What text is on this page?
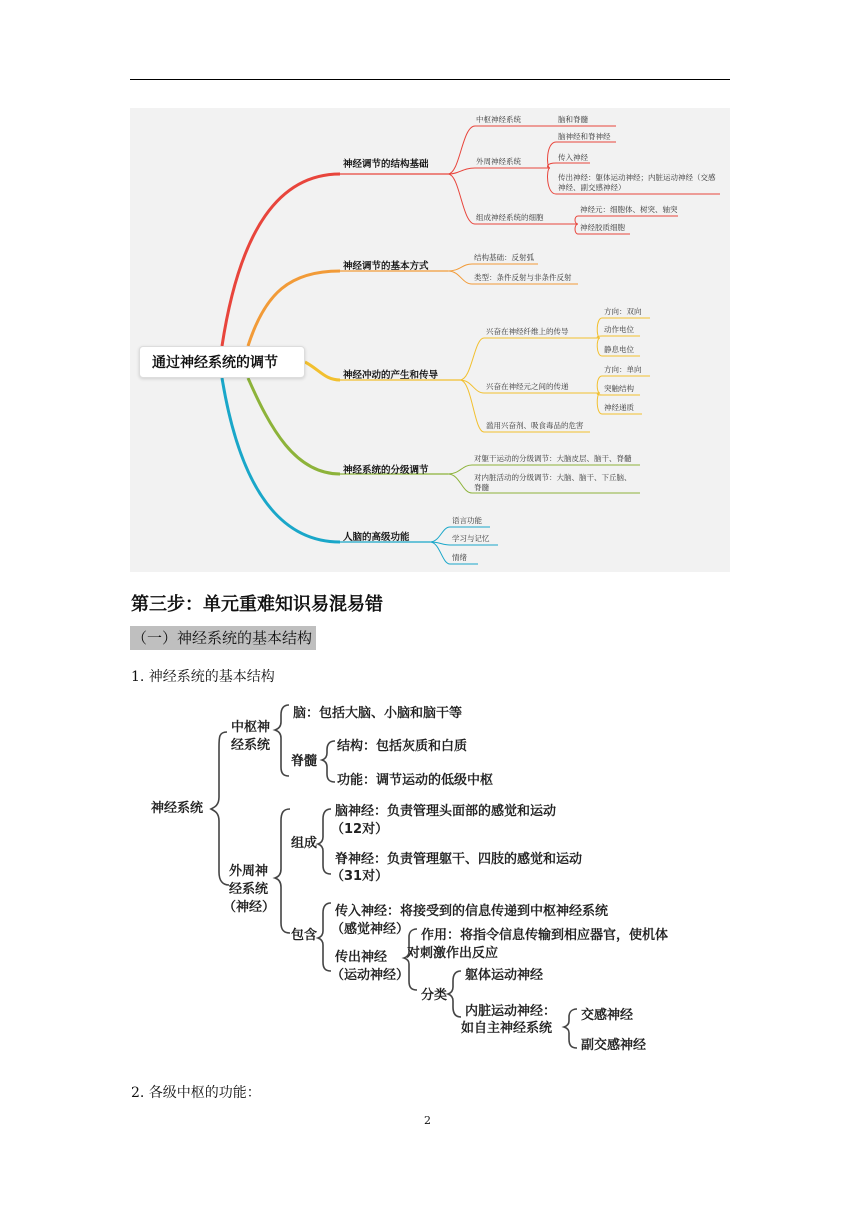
通过神经系统的调节
神经调节的结构基础
中枢神经系统	脑和脊髓
外周神经系统
脑神经和脊神经
传入神经
传出神经：躯体运动神经；内脏运动神经（交感
神经、副交感神经）
组成神经系统的细胞
神经元：细胞体、树突、轴突
神经胶质细胞
神经调节的基本方式
结构基础：反射弧
类型：条件反射与非条件反射
神经冲动的产生和传导
兴奋在神经纤维上的传导
方向：双向
动作电位
静息电位
兴奋在神经元之间的传递
方向：单向
突触结构
神经递质
滥用兴奋剂、吸食毒品的危害
神经系统的分级调节
对躯干运动的分级调节：大脑皮层、脑干、脊髓
对内脏活动的分级调节：大脑、脑干、下丘脑、
脊髓
人脑的高级功能
语言功能
学习与记忆
情绪
第三步：单元重难知识易混易错
（一）神经系统的基本结构
1. 神经系统的基本结构
神经系统
中枢神
经系统
脑：包括大脑、小脑和脑干等
脊髓
结构：包括灰质和白质
功能：调节运动的低级中枢
外周神
经系统
（神经）
组成
脑神经：负责管理头面部的感觉和运动
（12对）
脊神经：负责管理躯干、四肢的感觉和运动
（31对）
包含
传入神经：将接受到的信息传递到中枢神经系统
（感觉神经）
传出神经
（运动神经）
作用：将指令信息传输到相应器官，使机体
对刺激作出反应
分类
躯体运动神经
内脏运动神经：
如自主神经系统
交感神经
副交感神经
2. 各级中枢的功能：
2
